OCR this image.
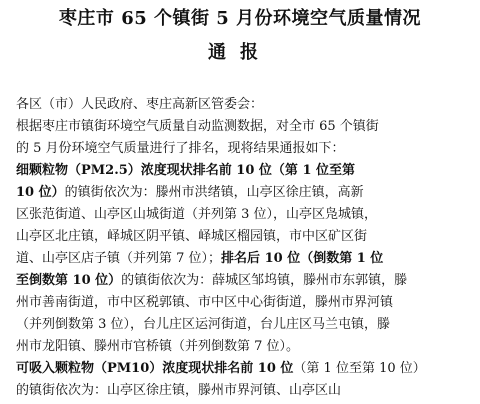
枣庄市 65 个镇街 5 月份环境空气质量情况
通报
各区（市）人民政府、枣庄高新区管委会：
根据枣庄市镇街环境空气质量自动监测数据，对全市 65 个镇街
的 5 月份环境空气质量进行了排名，现将结果通报如下：
细颗粒物（PM2.5）浓度现状排名前 10 位（第 1 位至第
10 位）的镇街依次为：滕州市洪绪镇，山亭区徐庄镇，高新
区张范街道、山亭区山城街道（并列第 3 位），山亭区凫城镇，
山亭区北庄镇，峄城区阴平镇、峄城区榴园镇，市中区矿区街
道、山亭区店子镇（并列第 7 位）；排名后 10 位（倒数第 1 位
至倒数第 10 位）的镇街依次为：薛城区邹坞镇，滕州市东郭镇，滕
州市善南街道，市中区税郭镇、市中区中心街街道，滕州市界河镇
（并列倒数第 3 位），台儿庄区运河街道，台儿庄区马兰屯镇，滕
州市龙阳镇、滕州市官桥镇（并列倒数第 7 位）。
可吸入颗粒物（PM10）浓度现状排名前 10 位（第 1 位至第 10 位）
的镇街依次为：山亭区徐庄镇，滕州市界河镇、山亭区山
